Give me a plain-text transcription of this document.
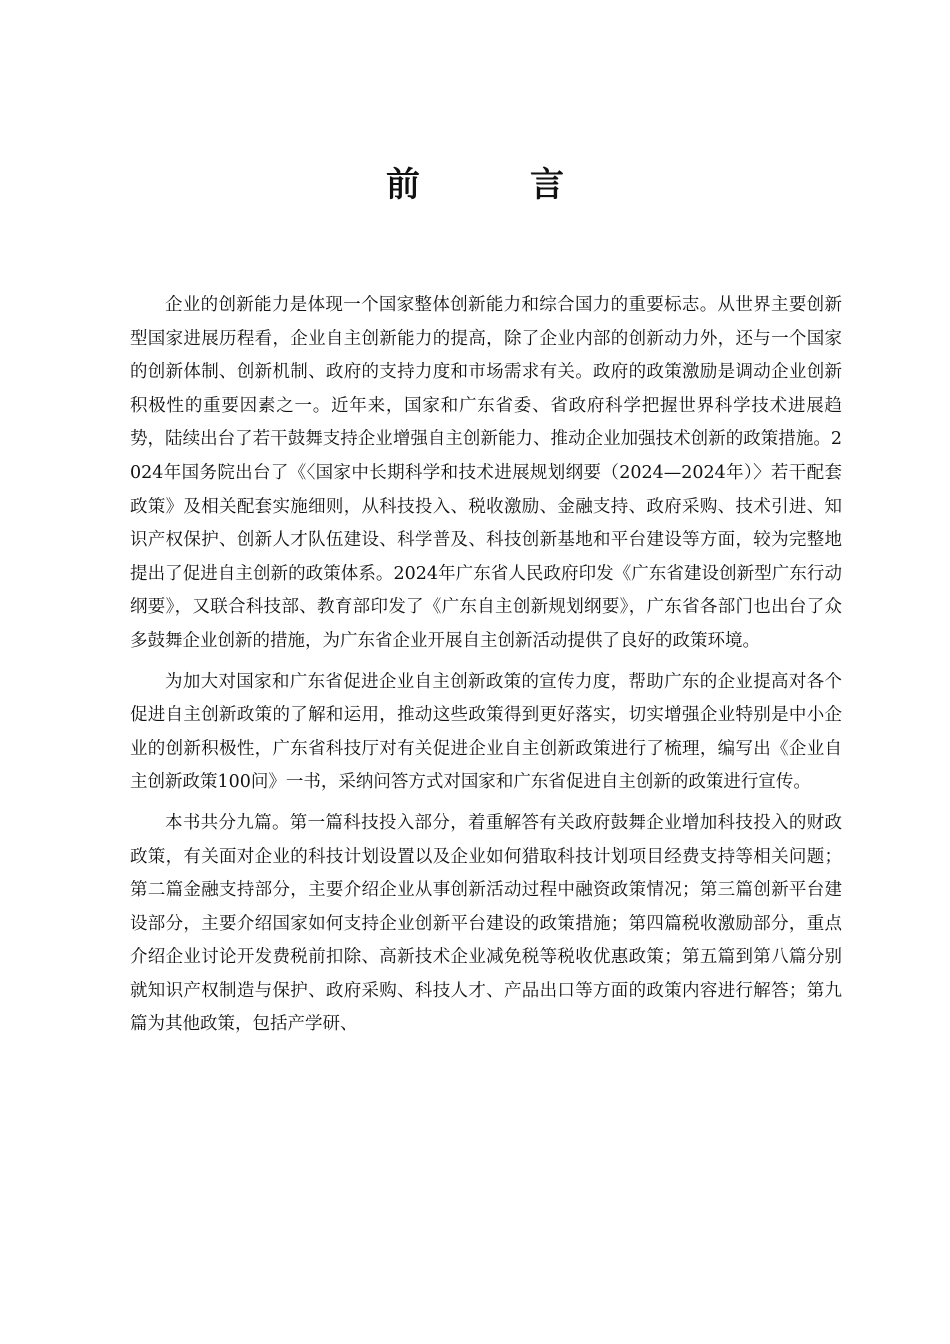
前　言

企业的创新能力是体现一个国家整体创新能力和综合国力的重要标志。从世界主要创新型国家进展历程看，企业自主创新能力的提高，除了企业内部的创新动力外，还与一个国家的创新体制、创新机制、政府的支持力度和市场需求有关。政府的政策激励是调动企业创新积极性的重要因素之一。近年来，国家和广东省委、省政府科学把握世界科学技术进展趋势，陆续出台了若干鼓舞支持企业增强自主创新能力、推动企业加强技术创新的政策措施。2024年国务院出台了《〈国家中长期科学和技术进展规划纲要（2024—2024年）〉若干配套政策》及相关配套实施细则，从科技投入、税收激励、金融支持、政府采购、技术引进、知识产权保护、创新人才队伍建设、科学普及、科技创新基地和平台建设等方面，较为完整地提出了促进自主创新的政策体系。2024年广东省人民政府印发《广东省建设创新型广东行动纲要》，又联合科技部、教育部印发了《广东自主创新规划纲要》，广东省各部门也出台了众多鼓舞企业创新的措施，为广东省企业开展自主创新活动提供了良好的政策环境。

为加大对国家和广东省促进企业自主创新政策的宣传力度，帮助广东的企业提高对各个促进自主创新政策的了解和运用，推动这些政策得到更好落实，切实增强企业特别是中小企业的创新积极性，广东省科技厅对有关促进企业自主创新政策进行了梳理，编写出《企业自主创新政策100问》一书，采纳问答方式对国家和广东省促进自主创新的政策进行宣传。

本书共分九篇。第一篇科技投入部分，着重解答有关政府鼓舞企业增加科技投入的财政政策，有关面对企业的科技计划设置以及企业如何猎取科技计划项目经费支持等相关问题；第二篇金融支持部分，主要介绍企业从事创新活动过程中融资政策情况；第三篇创新平台建设部分，主要介绍国家如何支持企业创新平台建设的政策措施；第四篇税收激励部分，重点介绍企业讨论开发费税前扣除、高新技术企业减免税等税收优惠政策；第五篇到第八篇分别就知识产权制造与保护、政府采购、科技人才、产品出口等方面的政策内容进行解答；第九篇为其他政策，包括产学研、
